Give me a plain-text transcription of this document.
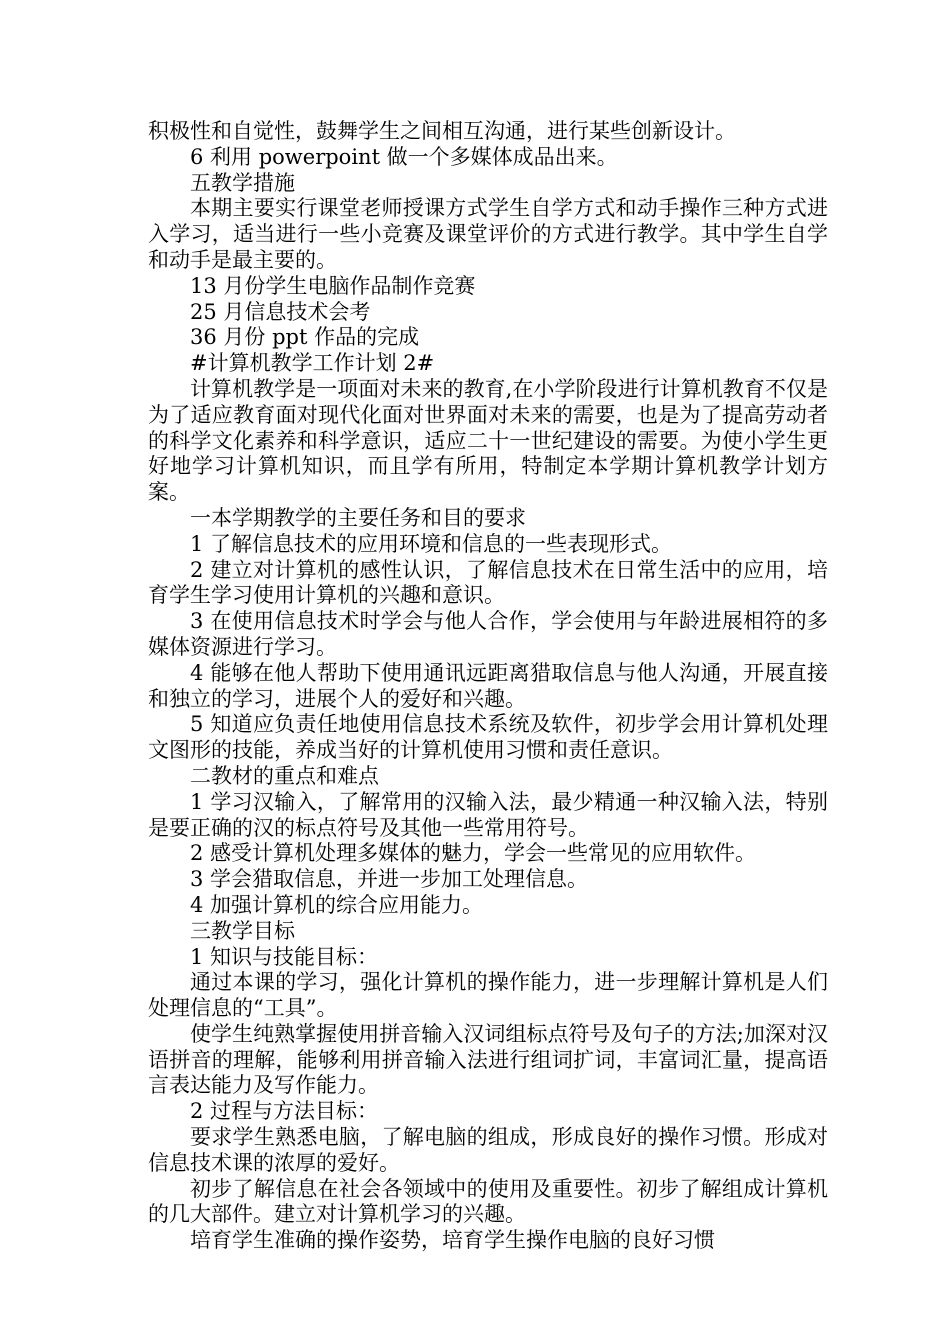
积极性和自觉性，鼓舞学生之间相互沟通，进行某些创新设计。

6 利用 powerpoint 做一个多媒体成品出来。

五教学措施

本期主要实行课堂老师授课方式学生自学方式和动手操作三种方式进入学习，适当进行一些小竞赛及课堂评价的方式进行教学。其中学生自学和动手是最主要的。

13 月份学生电脑作品制作竞赛

25 月信息技术会考

36 月份 ppt 作品的完成

#计算机教学工作计划 2#

计算机教学是一项面对未来的教育,在小学阶段进行计算机教育不仅是为了适应教育面对现代化面对世界面对未来的需要，也是为了提高劳动者的科学文化素养和科学意识，适应二十一世纪建设的需要。为使小学生更好地学习计算机知识，而且学有所用，特制定本学期计算机教学计划方案。

一本学期教学的主要任务和目的要求

1 了解信息技术的应用环境和信息的一些表现形式。

2 建立对计算机的感性认识，了解信息技术在日常生活中的应用，培育学生学习使用计算机的兴趣和意识。

3 在使用信息技术时学会与他人合作，学会使用与年龄进展相符的多媒体资源进行学习。

4 能够在他人帮助下使用通讯远距离猎取信息与他人沟通，开展直接和独立的学习，进展个人的爱好和兴趣。

5 知道应负责任地使用信息技术系统及软件，初步学会用计算机处理文图形的技能，养成当好的计算机使用习惯和责任意识。

二教材的重点和难点

1 学习汉输入，了解常用的汉输入法，最少精通一种汉输入法，特别是要正确的汉的标点符号及其他一些常用符号。

2 感受计算机处理多媒体的魅力，学会一些常见的应用软件。

3 学会猎取信息，并进一步加工处理信息。

4 加强计算机的综合应用能力。

三教学目标

1 知识与技能目标：

通过本课的学习，强化计算机的操作能力，进一步理解计算机是人们处理信息的“工具”。

使学生纯熟掌握使用拼音输入汉词组标点符号及句子的方法;加深对汉语拼音的理解，能够利用拼音输入法进行组词扩词，丰富词汇量，提高语言表达能力及写作能力。

2 过程与方法目标：

要求学生熟悉电脑，了解电脑的组成，形成良好的操作习惯。形成对信息技术课的浓厚的爱好。

初步了解信息在社会各领域中的使用及重要性。初步了解组成计算机的几大部件。建立对计算机学习的兴趣。

培育学生准确的操作姿势，培育学生操作电脑的良好习惯
